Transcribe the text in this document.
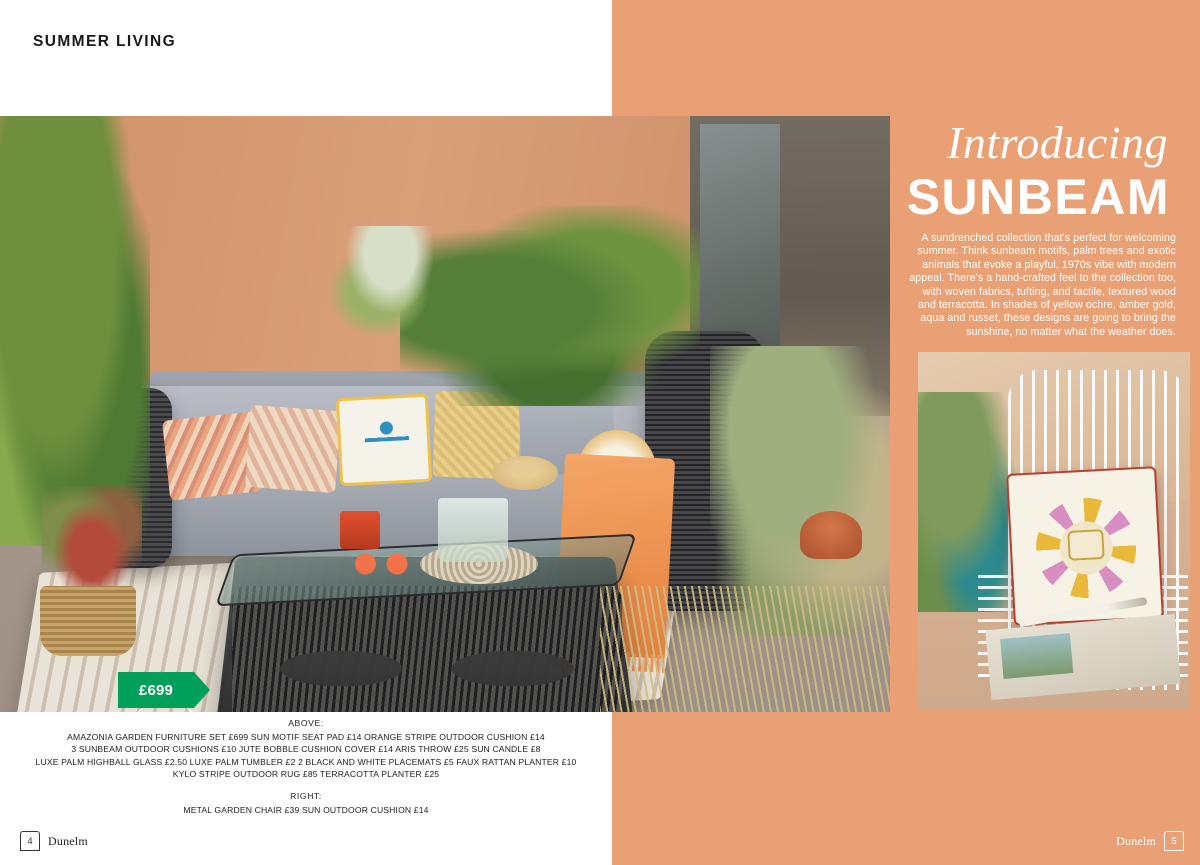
SUMMER LIVING
£699
Introducing
SUNBEAM
A sundrenched collection that's perfect for welcoming summer. Think sunbeam motifs, palm trees and exotic animals that evoke a playful, 1970s vibe with modern appeal. There's a hand-crafted feel to the collection too, with woven fabrics, tufting, and tactile, textured wood and terracotta. In shades of yellow ochre, amber gold, aqua and russet, these designs are going to bring the sunshine, no matter what the weather does.
ABOVE:
AMAZONIA GARDEN FURNITURE SET £699 SUN MOTIF SEAT PAD £14 ORANGE STRIPE OUTDOOR CUSHION £14
3 SUNBEAM OUTDOOR CUSHIONS £10 JUTE BOBBLE CUSHION COVER £14 ARIS THROW £25 SUN CANDLE £8
LUXE PALM HIGHBALL GLASS £2.50 LUXE PALM TUMBLER £2 2 BLACK AND WHITE PLACEMATS £5 FAUX RATTAN PLANTER £10
KYLO STRIPE OUTDOOR RUG £85 TERRACOTTA PLANTER £25
RIGHT:
METAL GARDEN CHAIR £39 SUN OUTDOOR CUSHION £14
4	Dunelm	Dunelm	5
